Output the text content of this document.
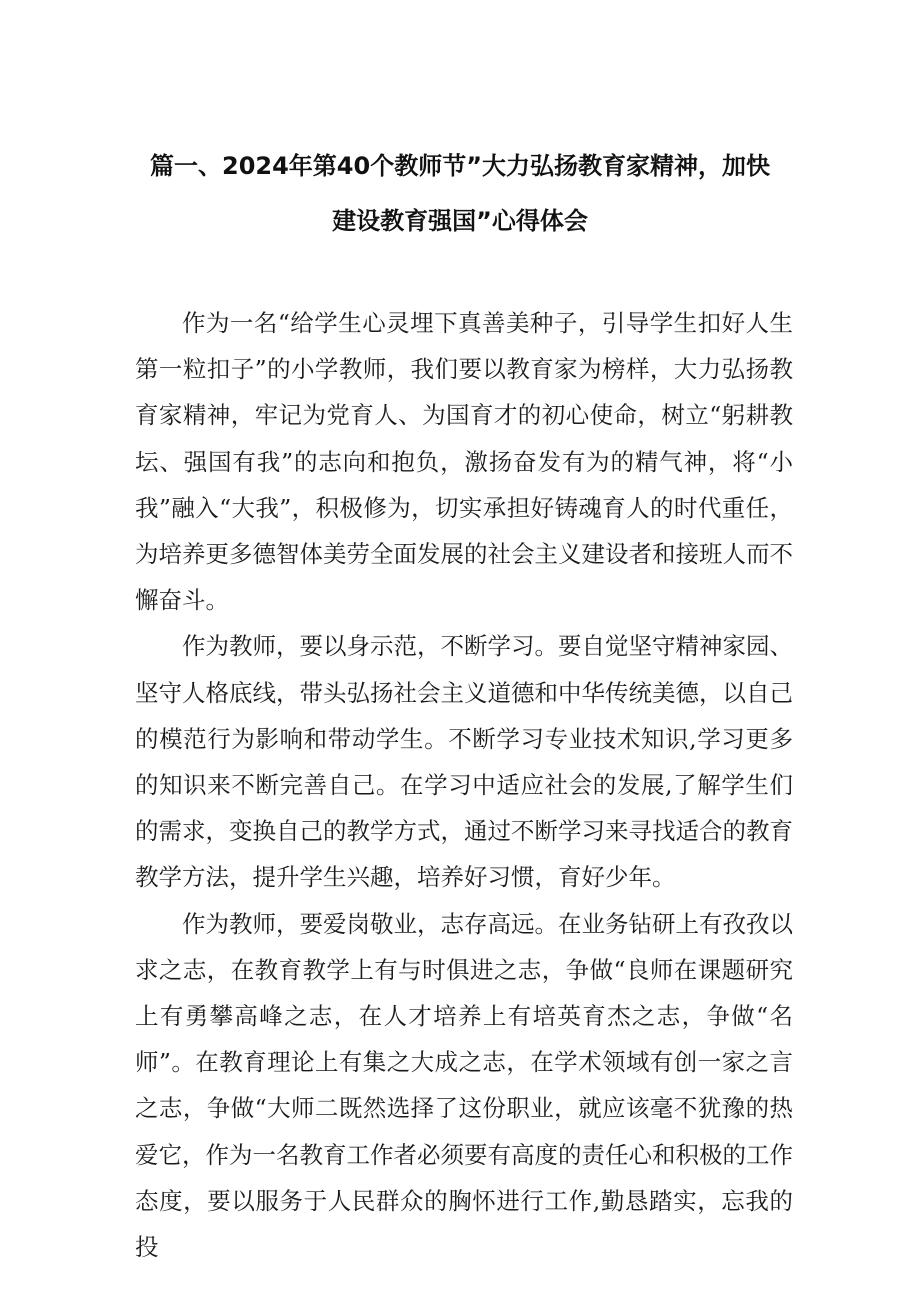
篇一、2024年第40个教师节”大力弘扬教育家精神，加快
建设教育强国”心得体会

作为一名“给学生心灵埋下真善美种子，引导学生扣好人生第一粒扣子”的小学教师，我们要以教育家为榜样，大力弘扬教育家精神，牢记为党育人、为国育才的初心使命，树立“躬耕教坛、强国有我”的志向和抱负，激扬奋发有为的精气神，将“小我”融入“大我”，积极修为，切实承担好铸魂育人的时代重任，为培养更多德智体美劳全面发展的社会主义建设者和接班人而不懈奋斗。

作为教师，要以身示范，不断学习。要自觉坚守精神家园、坚守人格底线，带头弘扬社会主义道德和中华传统美德，以自己的模范行为影响和带动学生。不断学习专业技术知识,学习更多的知识来不断完善自己。在学习中适应社会的发展,了解学生们的需求，变换自己的教学方式，通过不断学习来寻找适合的教育教学方法，提升学生兴趣，培养好习惯，育好少年。

作为教师，要爱岗敬业，志存高远。在业务钻研上有孜孜以求之志，在教育教学上有与时俱进之志，争做“良师在课题研究上有勇攀高峰之志，在人才培养上有培英育杰之志，争做“名师”。在教育理论上有集之大成之志，在学术领域有创一家之言之志，争做“大师二既然选择了这份职业，就应该毫不犹豫的热爱它，作为一名教育工作者必须要有高度的责任心和积极的工作态度，要以服务于人民群众的胸怀进行工作,勤恳踏实，忘我的投
